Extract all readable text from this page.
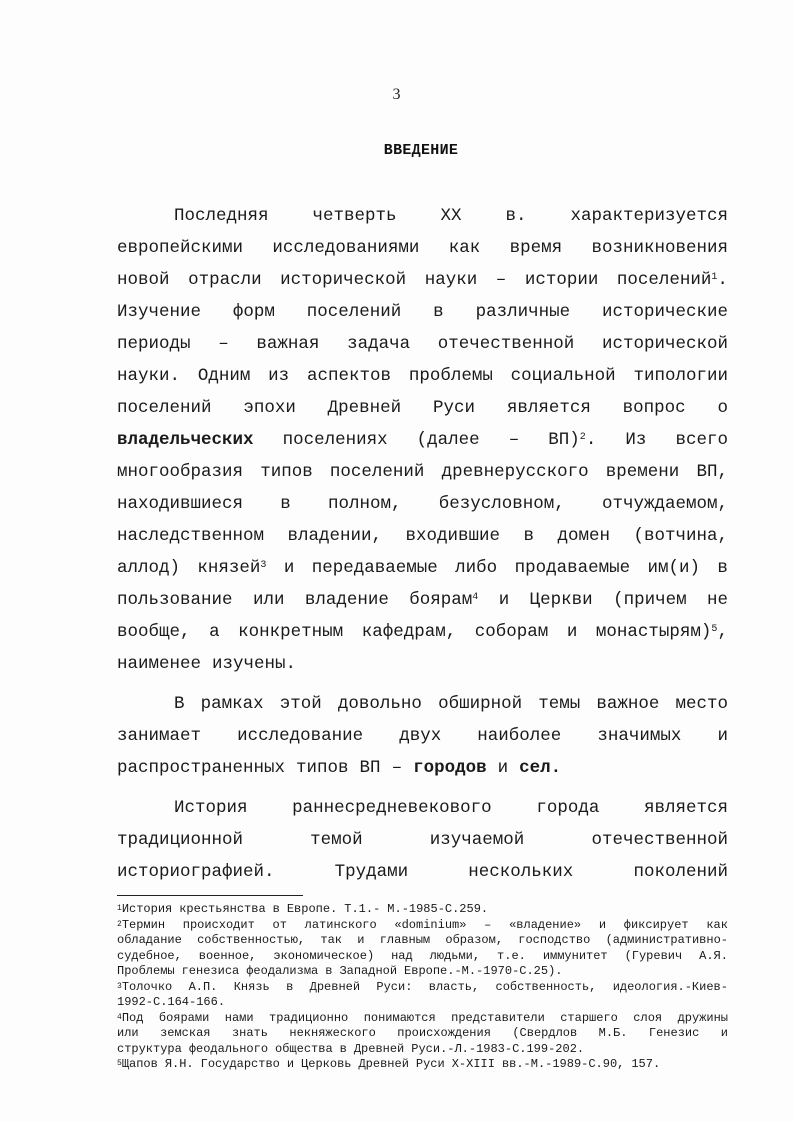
3
ВВЕДЕНИЕ
Последняя	четверть	XX	в.	характеризуется
европейскими исследованиями как время возникновения
новой отрасли исторической науки – истории поселений$^1$.
Изучение форм поселений в различные исторические
периоды – важная задача отечественной исторической
науки. Одним из аспектов проблемы социальной типологии
поселений эпохи Древней Руси является вопрос о
владельческих поселениях (далее – ВП)$^2$. Из всего
многообразия типов поселений древнерусского времени ВП,
находившиеся в полном, безусловном, отчуждаемом,
наследственном владении, входившие в домен (вотчина,
аллод) князей$^3$ и передаваемые либо продаваемые им(и) в
пользование или владение боярам$^4$ и Церкви (причем не
вообще, а конкретным кафедрам, соборам и монастырям)$^5$,
наименее изучены.
В рамках этой довольно обширной темы важное место
занимает исследование двух наиболее значимых и
распространенных типов ВП – городов и сел.
История	раннесредневекового	города	является
традиционной	темой	изучаемой	отечественной
историографией.	Трудами	нескольких	поколений
$^1$История крестьянства в Европе. Т.1.- М.-1985-С.259.
$^2$Термин происходит от латинского «dominium» – «владение» и фиксирует как
обладание собственностью, так и главным образом, господство (административно-
судебное, военное, экономическое) над людьми, т.е. иммунитет (Гуревич А.Я.
Проблемы генезиса феодализма в Западной Европе.-М.-1970-С.25).
$^3$Толочко А.П. Князь в Древней Руси: власть, собственность, идеология.-Киев-
1992-С.164-166.
$^4$Под боярами нами традиционно понимаются представители старшего слоя дружины
или земская знать некняжеского происхождения (Свердлов М.Б. Генезис и
структура феодального общества в Древней Руси.-Л.-1983-С.199-202.
$^5$Щапов Я.Н. Государство и Церковь Древней Руси X-XIII вв.-М.-1989-С.90, 157.
